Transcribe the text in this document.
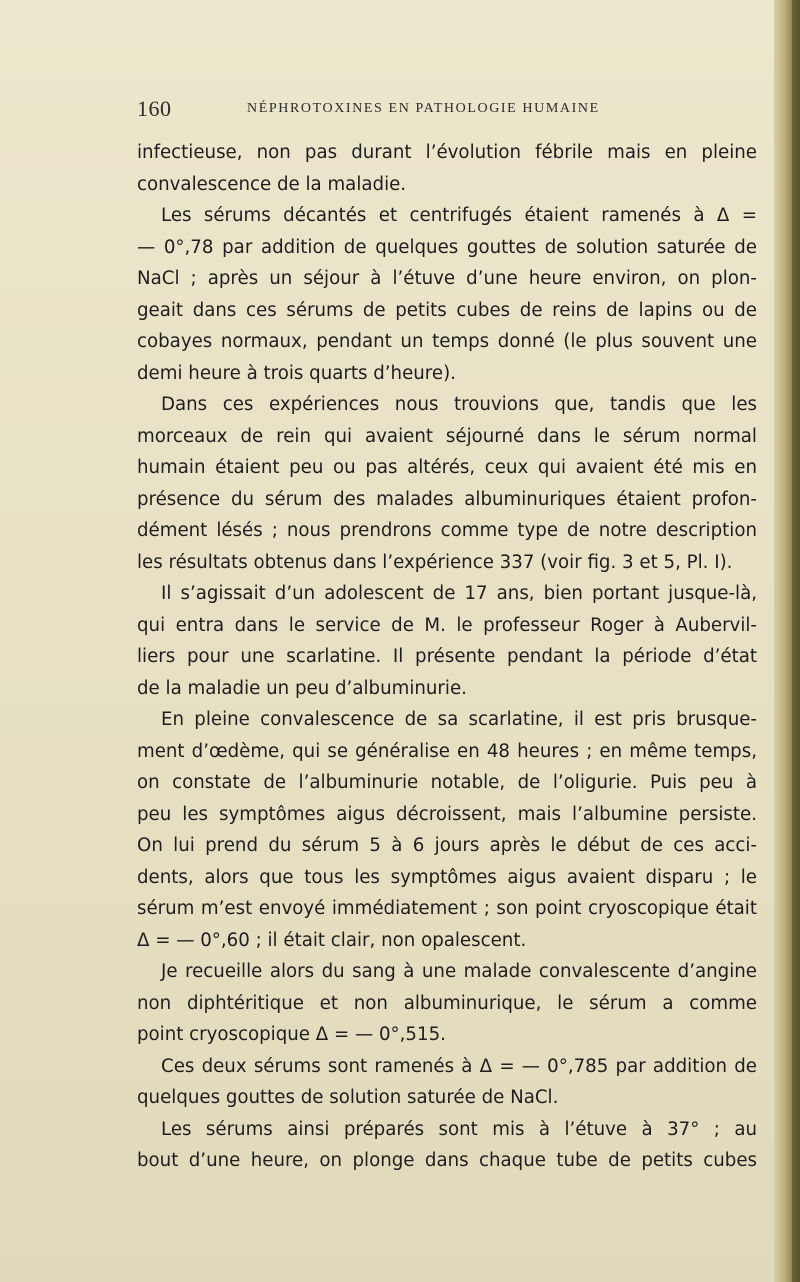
160	NÉPHROTOXINES EN PATHOLOGIE HUMAINE
infectieuse, non pas durant l’évolution fébrile mais en pleine
convalescence de la maladie.
Les sérums décantés et centrifugés étaient ramenés à Δ =
— 0°,78 par addition de quelques gouttes de solution saturée de
NaCl ; après un séjour à l’étuve d’une heure environ, on plon-
geait dans ces sérums de petits cubes de reins de lapins ou de
cobayes normaux, pendant un temps donné (le plus souvent une
demi heure à trois quarts d’heure).
Dans ces expériences nous trouvions que, tandis que les
morceaux de rein qui avaient séjourné dans le sérum normal
humain étaient peu ou pas altérés, ceux qui avaient été mis en
présence du sérum des malades albuminuriques étaient profon-
dément lésés ; nous prendrons comme type de notre description
les résultats obtenus dans l’expérience 337 (voir fig. 3 et 5, Pl. I).
Il s’agissait d’un adolescent de 17 ans, bien portant jusque-là,
qui entra dans le service de M. le professeur Roger à Aubervil-
liers pour une scarlatine. Il présente pendant la période d’état
de la maladie un peu d’albuminurie.
En pleine convalescence de sa scarlatine, il est pris brusque-
ment d’œdème, qui se généralise en 48 heures ; en même temps,
on constate de l’albuminurie notable, de l’oligurie. Puis peu à
peu les symptômes aigus décroissent, mais l’albumine persiste.
On lui prend du sérum 5 à 6 jours après le début de ces acci-
dents, alors que tous les symptômes aigus avaient disparu ; le
sérum m’est envoyé immédiatement ; son point cryoscopique était
Δ = — 0°,60 ; il était clair, non opalescent.
Je recueille alors du sang à une malade convalescente d’angine
non diphtéritique et non albuminurique, le sérum a comme
point cryoscopique Δ = — 0°,515.
Ces deux sérums sont ramenés à Δ = — 0°,785 par addition de
quelques gouttes de solution saturée de NaCl.
Les sérums ainsi préparés sont mis à l’étuve à 37° ; au
bout d’une heure, on plonge dans chaque tube de petits cubes
